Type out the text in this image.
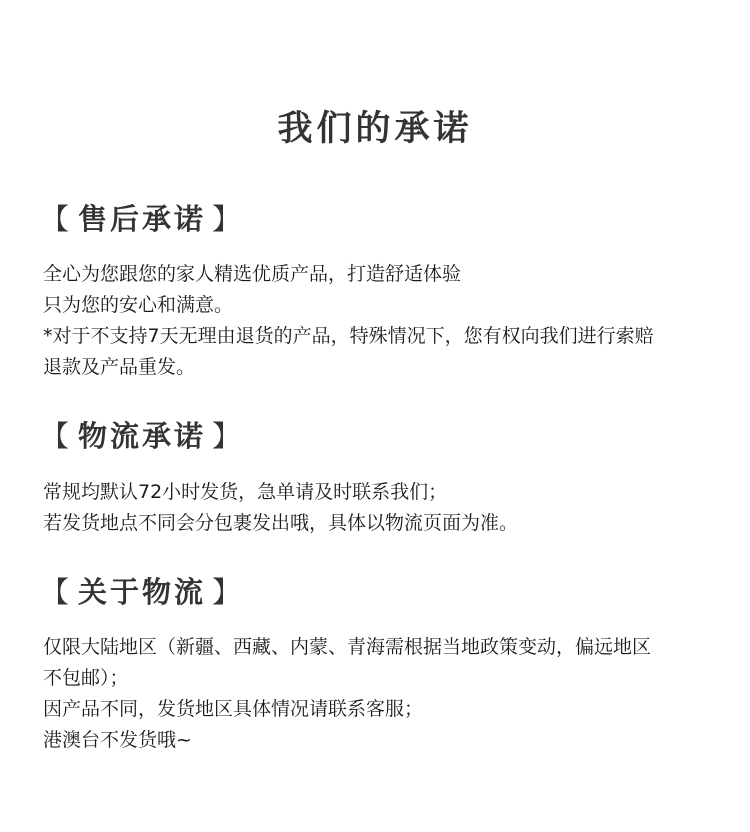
我们的承诺
【 售后承诺 】
全心为您跟您的家人精选优质产品，打造舒适体验
只为您的安心和满意。
*对于不支持7天无理由退货的产品，特殊情况下，您有权向我们进行索赔
退款及产品重发。
【 物流承诺 】
常规均默认72小时发货，急单请及时联系我们；
若发货地点不同会分包裹发出哦，具体以物流页面为准。
【 关于物流 】
仅限大陆地区（新疆、西藏、内蒙、青海需根据当地政策变动，偏远地区
不包邮）；
因产品不同，发货地区具体情况请联系客服；
港澳台不发货哦~
